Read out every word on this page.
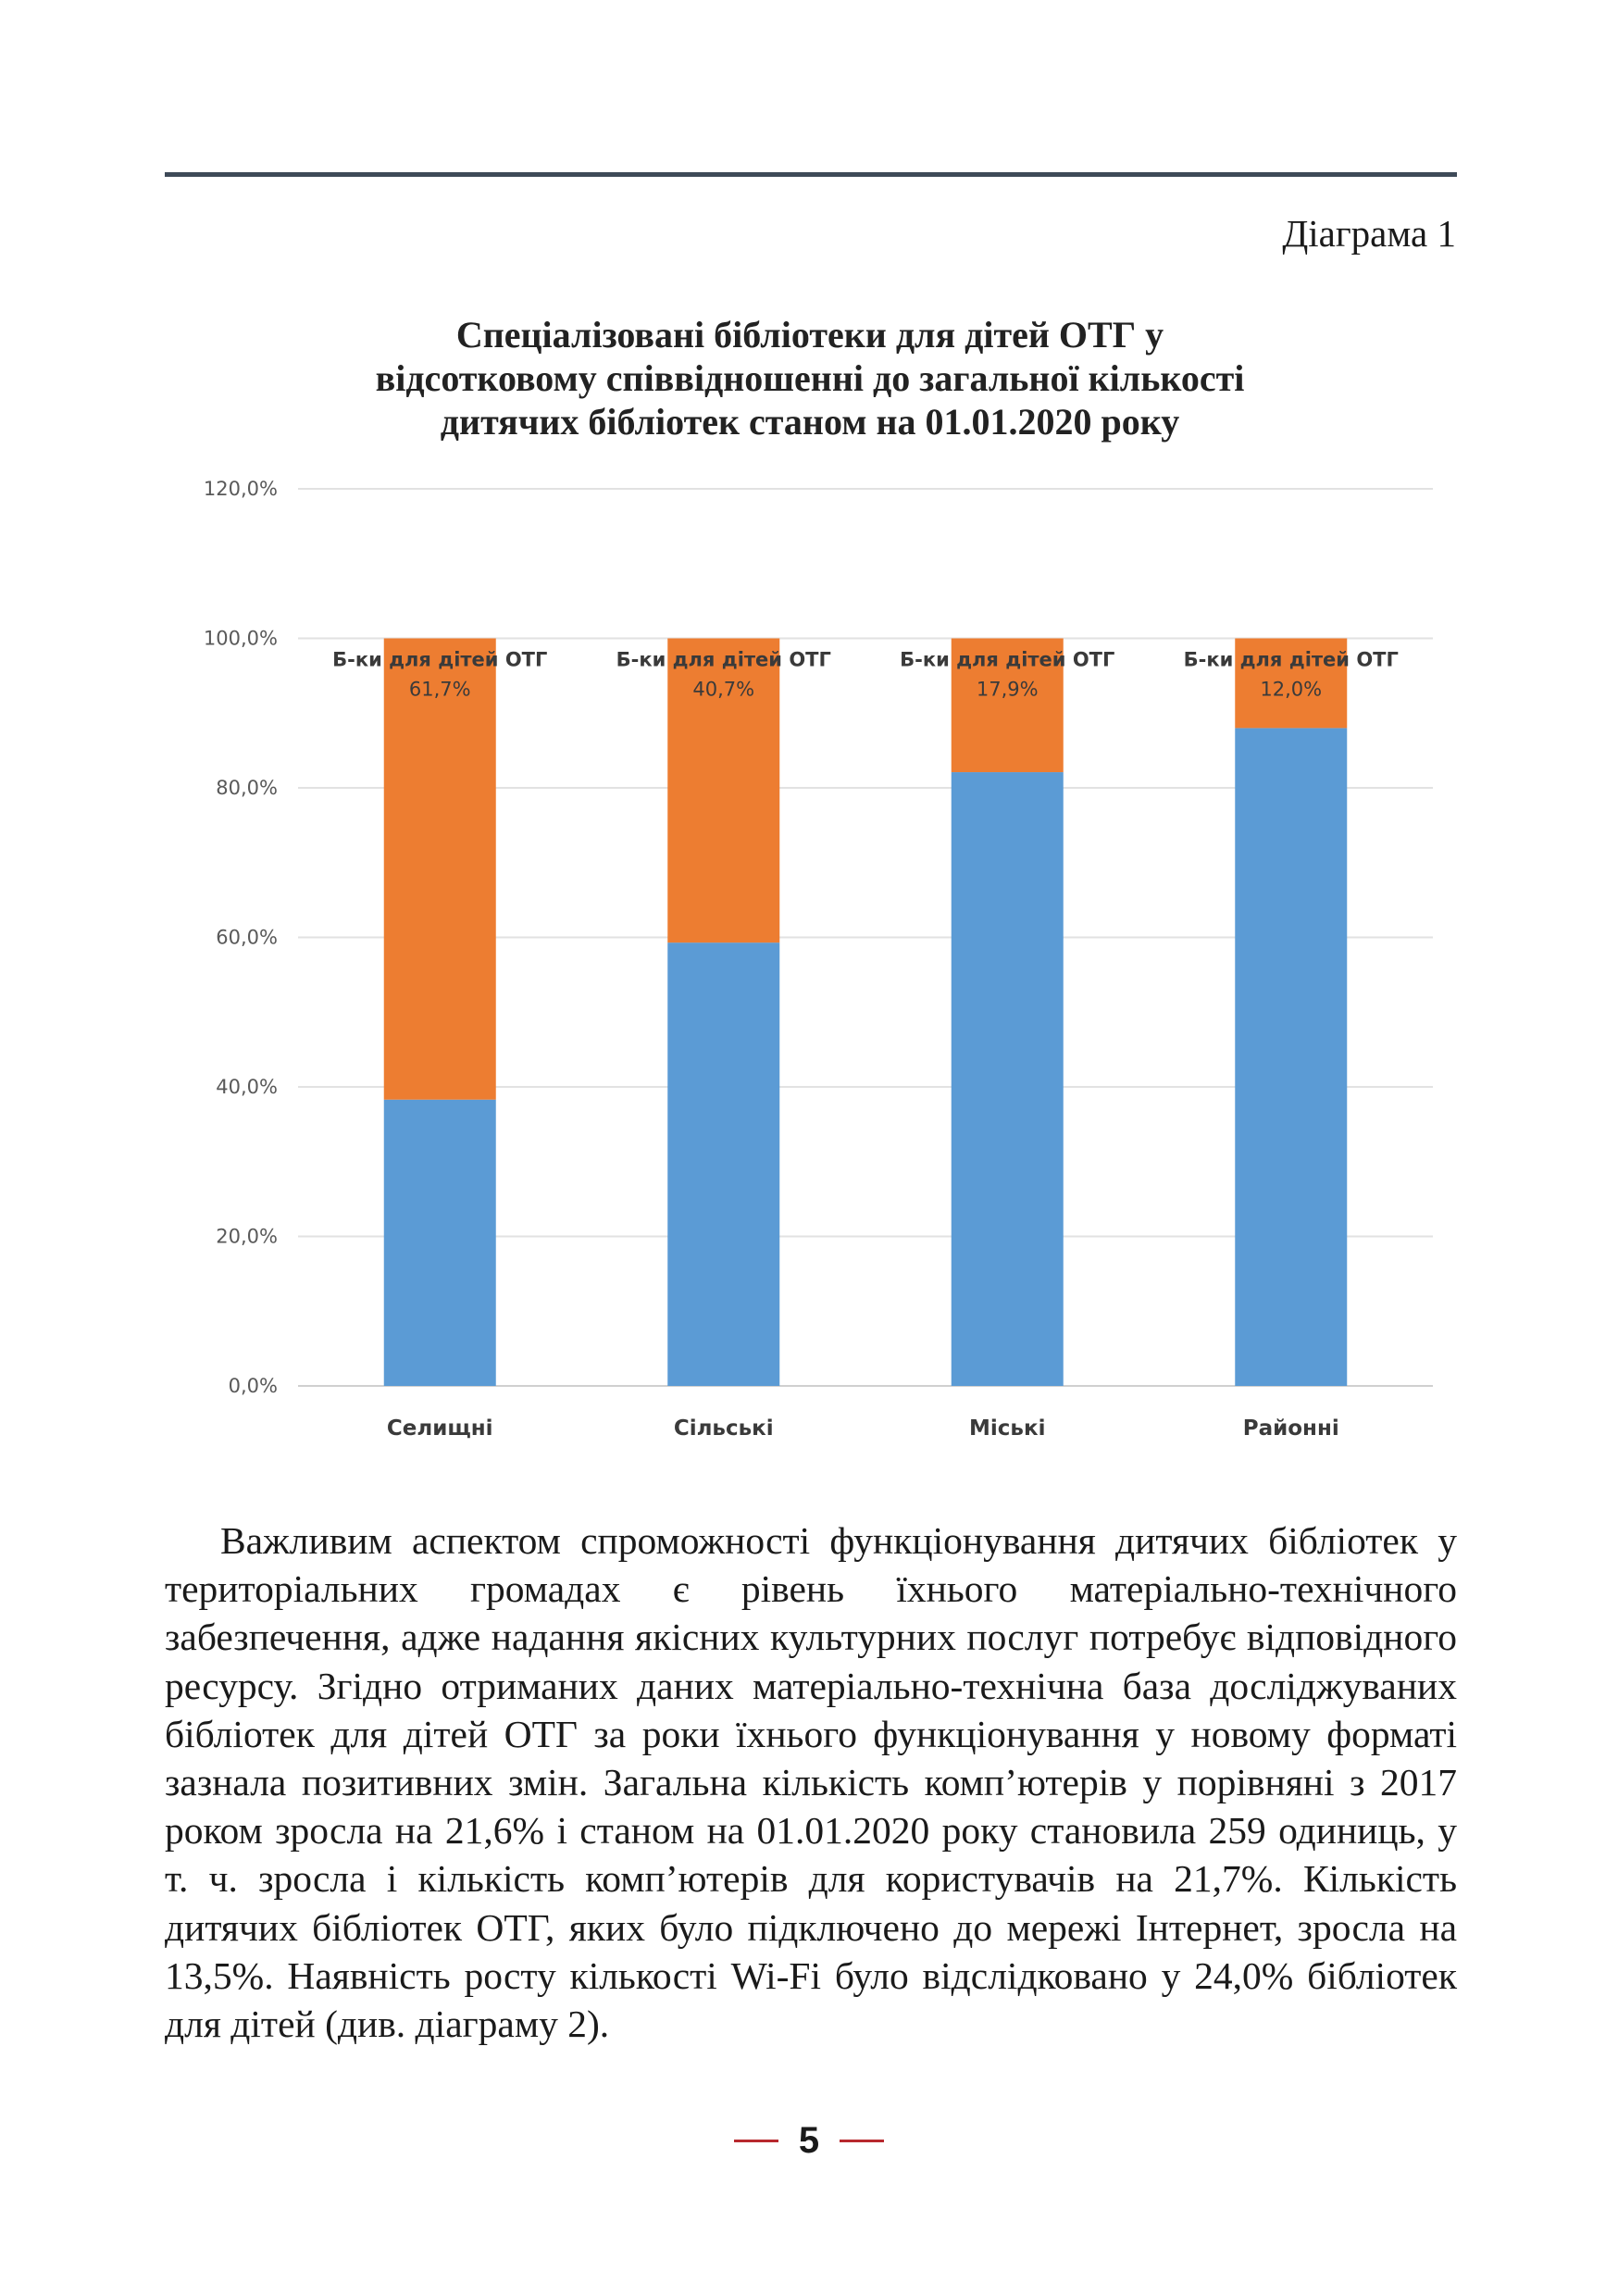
Діаграма 1
Спеціалізовані бібліотеки для дітей ОТГ у
відсотковому співвідношенні до загальної кількості
дитячих бібліотек станом на 01.01.2020 року
0,0%
20,0%
40,0%
60,0%
80,0%
100,0%
120,0%
Б-ки для дітей ОТГ
61,7%
Селищні
Б-ки для дітей ОТГ
40,7%
Сільські
Б-ки для дітей ОТГ
17,9%
Міські
Б-ки для дітей ОТГ
12,0%
Районні

Важливим аспектом спроможності функціонування дитячих бібліотек у територіальних громадах є рівень їхнього матеріально-технічного забезпечення, адже надання якісних культурних послуг потребує відповідного ресурсу. Згідно отриманих даних матеріально-технічна база досліджуваних бібліотек для дітей ОТГ за роки їхнього функціонування у новому форматі зазнала позитивних змін. Загальна кількість комп’ютерів у порівняні з 2017 роком зросла на 21,6% і станом на 01.01.2020 року становила 259 одиниць, у т. ч. зросла і кількість комп’ютерів для користувачів на 21,7%. Кількість дитячих бібліотек ОТГ, яких було підключено до мережі Інтернет, зросла на 13,5%. Наявність росту кількості Wi-Fi було відслідковано у 24,0% бібліотек для дітей (див. діаграму 2).

5
